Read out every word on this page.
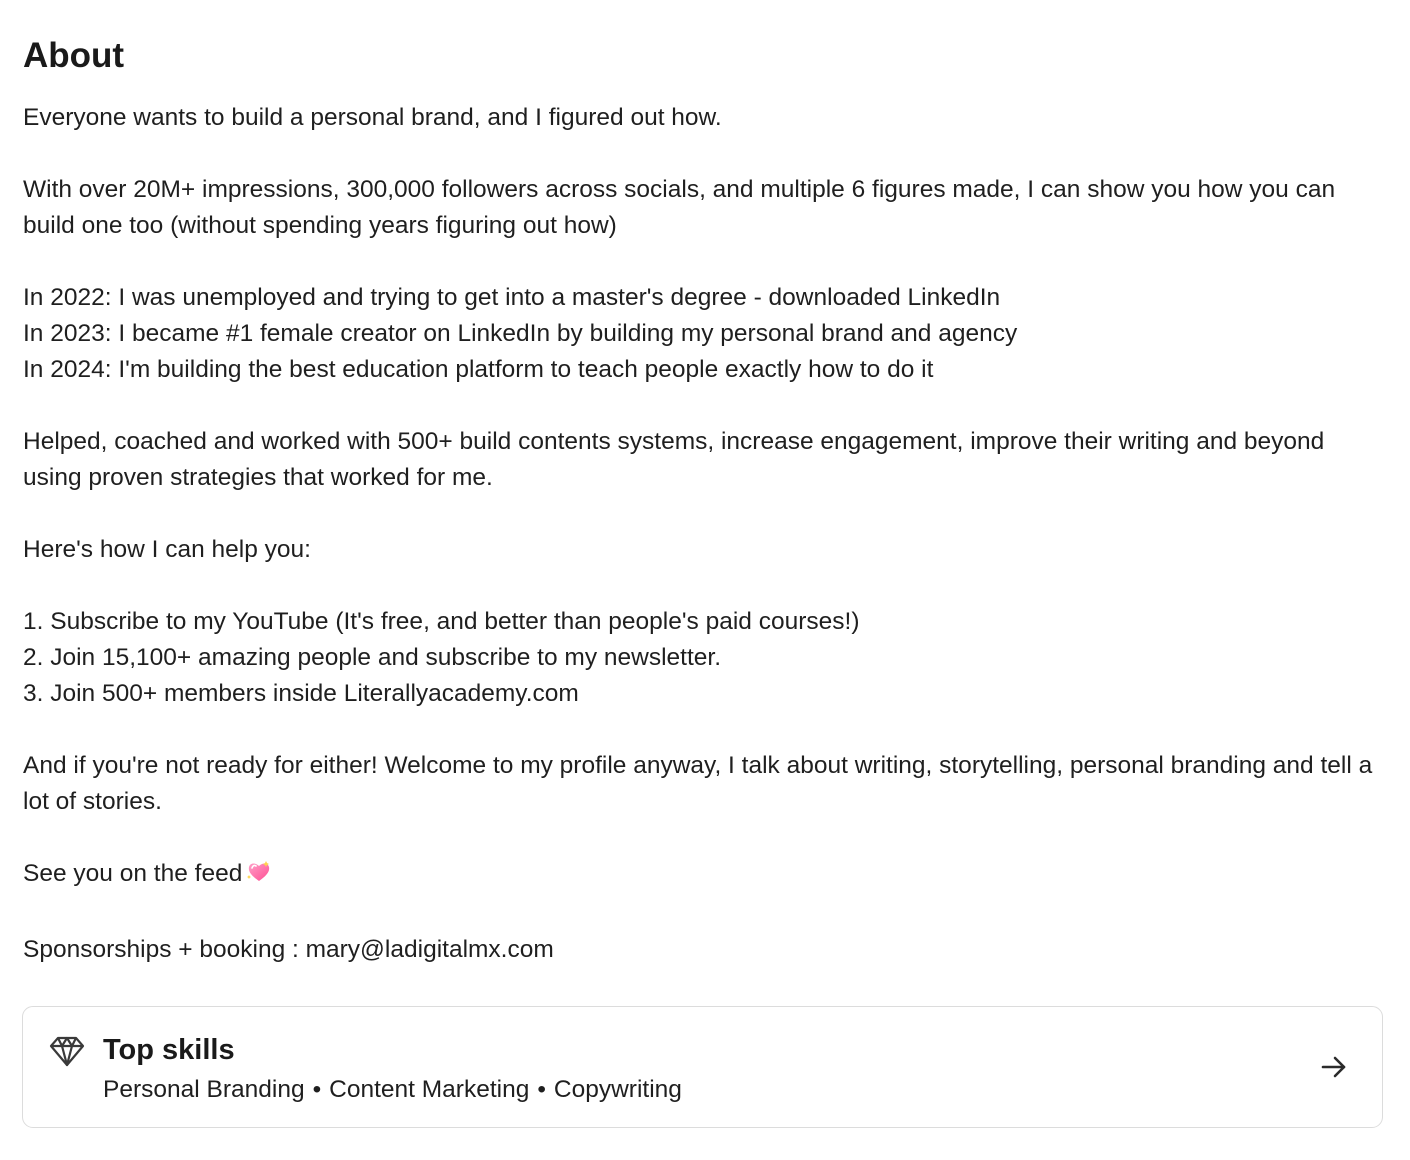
About

Everyone wants to build a personal brand, and I figured out how.

With over 20M+ impressions, 300,000 followers across socials, and multiple 6 figures made, I can show you how you can build one too (without spending years figuring out how)

In 2022: I was unemployed and trying to get into a master's degree - downloaded LinkedIn
In 2023: I became #1 female creator on LinkedIn by building my personal brand and agency
In 2024: I'm building the best education platform to teach people exactly how to do it

Helped, coached and worked with 500+ build contents systems, increase engagement, improve their writing and beyond using proven strategies that worked for me.

Here's how I can help you:

1. Subscribe to my YouTube (It's free, and better than people's paid courses!)
2. Join 15,100+ amazing people and subscribe to my newsletter.
3. Join 500+ members inside Literallyacademy.com

And if you're not ready for either! Welcome to my profile anyway, I talk about writing, storytelling, personal branding and tell a lot of stories.

See you on the feed

Sponsorships + booking : mary@ladigitalmx.com

Top skills
Personal Branding • Content Marketing • Copywriting
